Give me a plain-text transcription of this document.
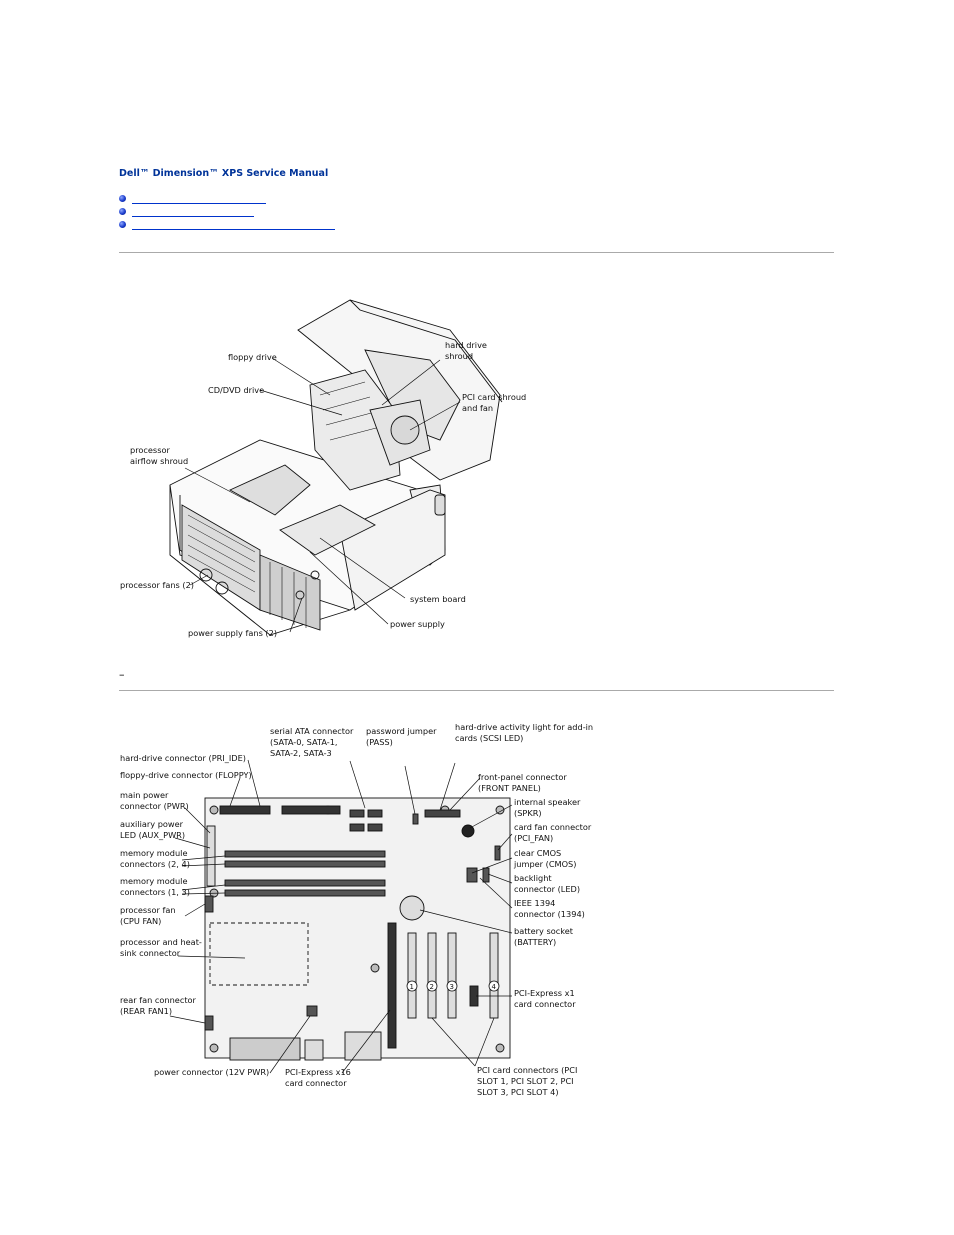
Dell™ Dimension™ XPS Service Manual
floppy drive
CD/DVD drive
hard drive
shroud
PCI card shroud
and fan
processor
airflow shroud
processor fans (2)
system board
power supply
power supply fans (2)
–
1 2 3	4
hard-drive connector (PRI_IDE)
floppy-drive connector (FLOPPY)
main power
connector (PWR)
auxiliary power
LED (AUX_PWR)
memory module
connectors (2, 4)
memory module
connectors (1, 3)
processor fan
(CPU FAN)
processor and heat-
sink connector
rear fan connector
(REAR FAN1)
power connector (12V PWR) PCI-Express x16
card connector
serial ATA connector
(SATA-0, SATA-1,
SATA-2, SATA-3
password jumper
(PASS)
hard-drive activity light for add-in
cards (SCSI LED)
front-panel connector
(FRONT PANEL)
internal speaker
(SPKR)
card fan connector
(PCI_FAN)
clear CMOS
jumper (CMOS)
backlight
connector (LED)
IEEE 1394
connector (1394)
battery socket
(BATTERY)
PCI-Express x1
card connector
PCI card connectors (PCI
SLOT 1, PCI SLOT 2, PCI
SLOT 3, PCI SLOT 4)
